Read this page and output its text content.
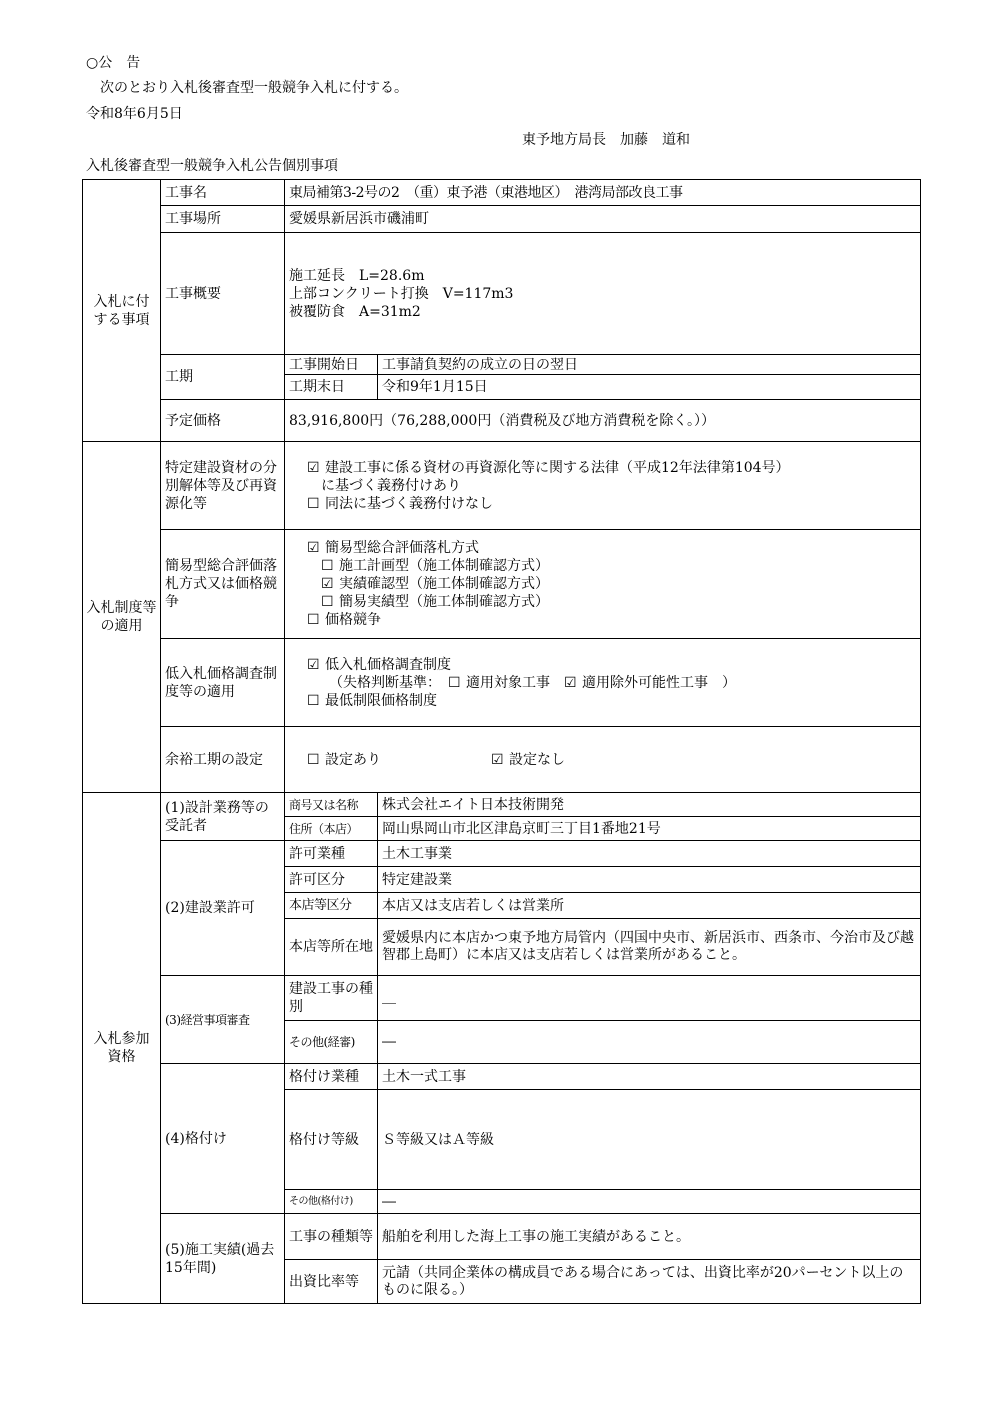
○公　告
次のとおり入札後審査型一般競争入札に付する。
令和8年6月5日
東予地方局長　加藤　道和
入札後審査型一般競争入札公告個別事項
入札に付する事項	工事名	東局補第3-2号の2　（重）東予港（東港地区）　港湾局部改良工事	
	工事場所	愛媛県新居浜市磯浦町	
	工事概要	施工延長　L=28.6m
上部コンクリート打換　V=117m3
被覆防食　A=31m2	

	工期	工事開始日	工事請負契約の成立の日の翌日
		工期末日	令和9年1月15日
	予定価格	83,916,800円（76,288,000円（消費税及び地方消費税を除く。））	
入札制度等の適用	特定建設資材の分別解体等及び再資源化等	☑ 建設工事に係る資材の再資源化等に関する法律（平成12年法律第104号）
に基づく義務付けあり
☐ 同法に基づく義務付けなし	

	簡易型総合評価落札方式又は価格競争	☑ 簡易型総合評価落札方式
☐ 施工計画型（施工体制確認方式）
☑ 実績確認型（施工体制確認方式）
☐ 簡易実績型（施工体制確認方式）
☐ 価格競争	

	低入札価格調査制度等の適用	☑ 低入札価格調査制度
（失格判断基準：　 ☐ 適用対象工事　 ☑ 適用除外可能性工事　）
☐ 最低制限価格制度	

	余裕工期の設定	☐ 設定あり ☑ 設定なし	
入札参加資格	(1)設計業務等の受託者	商号又は名称	株式会社エイト日本技術開発
		住所（本店）	岡山県岡山市北区津島京町三丁目1番地21号
	(2)建設業許可	許可業種	土木工事業
		許可区分	特定建設業
		本店等区分	本店又は支店若しくは営業所
		本店等所在地	愛媛県内に本店かつ東予地方局管内（四国中央市、新居浜市、西条市、今治市及び越智郡上島町）に本店又は支店若しくは営業所があること。
	(3)経営事項審査	建設工事の種別	＿
		その他(経審)	―
	(4)格付け	格付け業種	土木一式工事
		格付け等級	Ｓ等級又はＡ等級
		その他(格付け)	―
	(5)施工実績(過去15年間)	工事の種類等	船舶を利用した海上工事の施工実績があること。
		出資比率等	元請（共同企業体の構成員である場合にあっては、出資比率が20パーセント以上のものに限る。）
